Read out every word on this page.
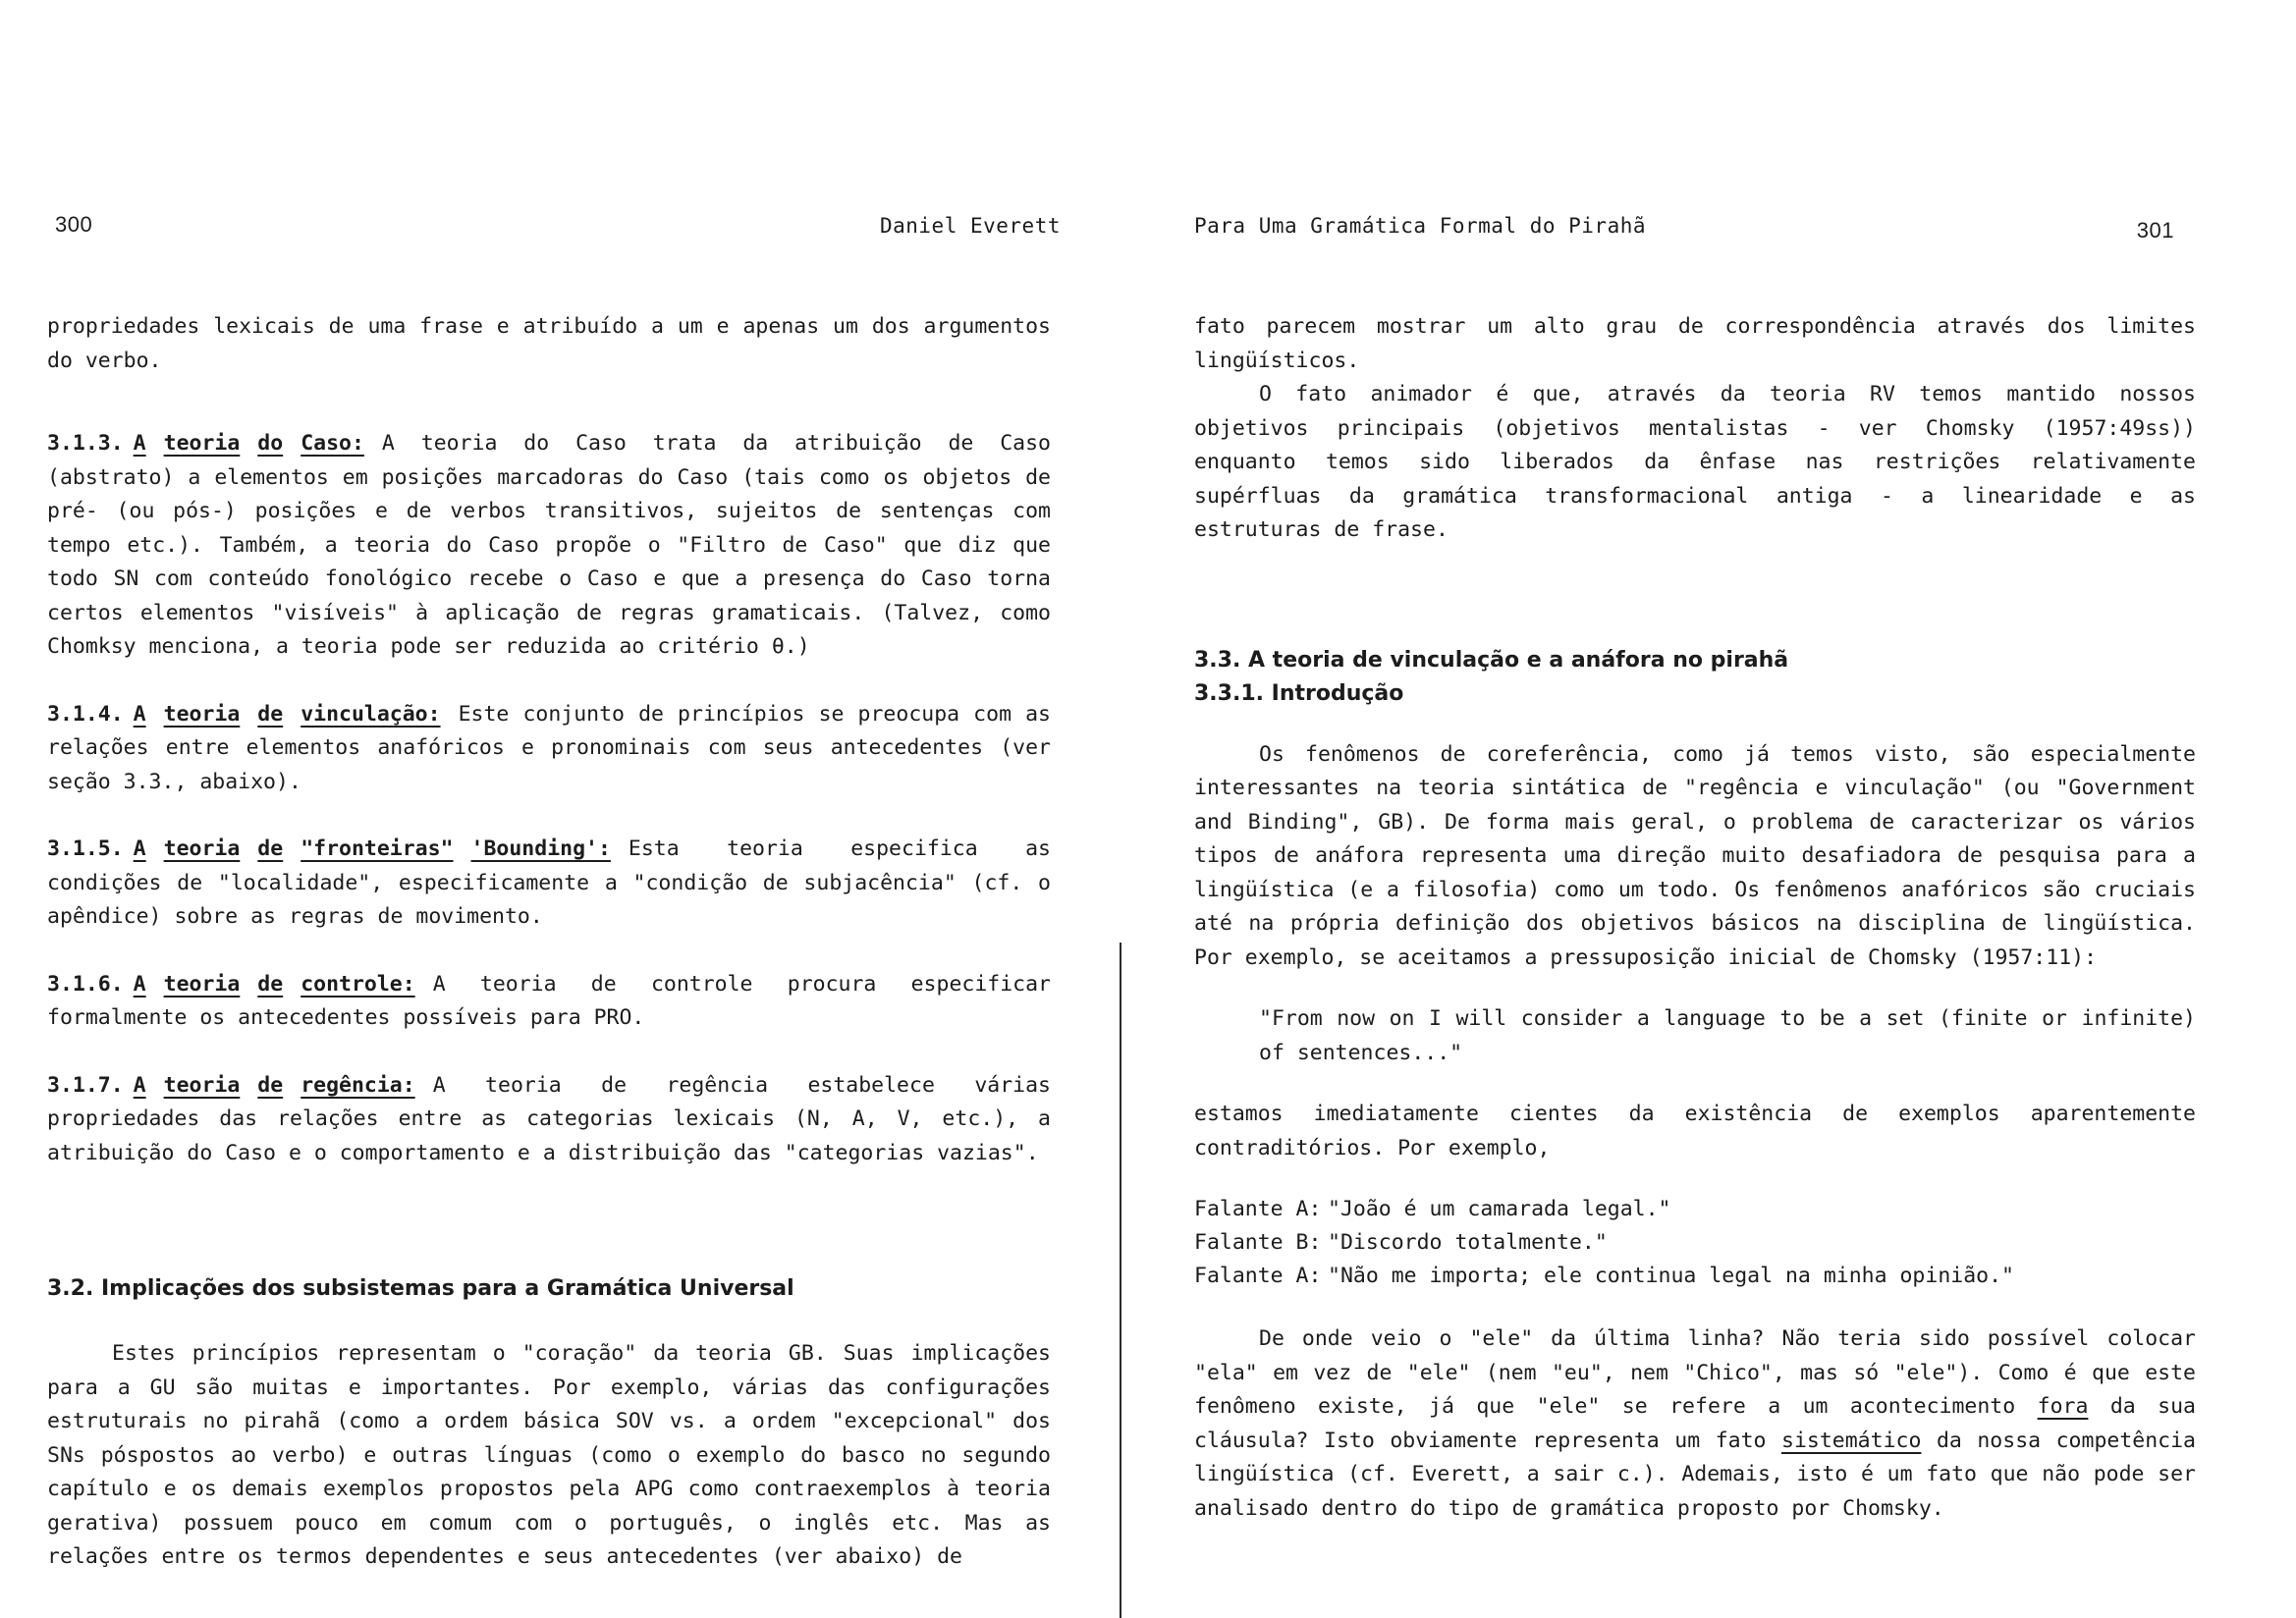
300	Daniel Everett

propriedades lexicais de uma frase e atribuído a um e apenas um dos argumentos do verbo.

3.1.3. A teoria do Caso: A teoria do Caso trata da atribuição de Caso (abstrato) a elementos em posições marcadoras do Caso (tais como os objetos de pré- (ou pós-) posições e de verbos transitivos, sujeitos de sentenças com tempo etc.). Também, a teoria do Caso propõe o "Filtro de Caso" que diz que todo SN com conteúdo fonológico recebe o Caso e que a presença do Caso torna certos elementos "visíveis" à aplicação de regras gramaticais. (Talvez, como Chomksy menciona, a teoria pode ser reduzida ao critério θ.)

3.1.4. A teoria de vinculação: Este conjunto de princípios se preocupa com as relações entre elementos anafóricos e pronominais com seus antecedentes (ver seção 3.3., abaixo).

3.1.5. A teoria de "fronteiras" 'Bounding': Esta teoria especifica as condições de "localidade", especificamente a "condição de subjacência" (cf. o apêndice) sobre as regras de movimento.

3.1.6. A teoria de controle: A teoria de controle procura especificar formalmente os antecedentes possíveis para PRO.

3.1.7. A teoria de regência: A teoria de regência estabelece várias propriedades das relações entre as categorias lexicais (N, A, V, etc.), a atribuição do Caso e o comportamento e a distribuição das "categorias vazias".

3.2. Implicações dos subsistemas para a Gramática Universal

Estes princípios representam o "coração" da teoria GB. Suas implicações para a GU são muitas e importantes. Por exemplo, várias das configurações estruturais no pirahã (como a ordem básica SOV vs. a ordem "excepcional" dos SNs póspostos ao verbo) e outras línguas (como o exemplo do basco no segundo capítulo e os demais exemplos propostos pela APG como contraexemplos à teoria gerativa) possuem pouco em comum com o português, o inglês etc. Mas as relações entre os termos dependentes e seus antecedentes (ver abaixo) de

Para Uma Gramática Formal do Pirahã	301

fato parecem mostrar um alto grau de correspondência através dos limites lingüísticos.

O fato animador é que, através da teoria RV temos mantido nossos objetivos principais (objetivos mentalistas - ver Chomsky (1957:49ss)) enquanto temos sido liberados da ênfase nas restrições relativamente supérfluas da gramática transformacional antiga - a linearidade e as estruturas de frase.

3.3. A teoria de vinculação e a anáfora no pirahã
3.3.1. Introdução

Os fenômenos de coreferência, como já temos visto, são especialmente interessantes na teoria sintática de "regência e vinculação" (ou "Government and Binding", GB). De forma mais geral, o problema de caracterizar os vários tipos de anáfora representa uma direção muito desafiadora de pesquisa para a lingüística (e a filosofia) como um todo. Os fenômenos anafóricos são cruciais até na própria definição dos objetivos básicos na disciplina de lingüística. Por exemplo, se aceitamos a pressuposição inicial de Chomsky (1957:11):

"From now on I will consider a language to be a set (finite or infinite) of sentences..."

estamos imediatamente cientes da existência de exemplos aparentemente contraditórios. Por exemplo,

Falante A: "João é um camarada legal."
Falante B: "Discordo totalmente."
Falante A: "Não me importa; ele continua legal na minha opinião."

De onde veio o "ele" da última linha? Não teria sido possível colocar "ela" em vez de "ele" (nem "eu", nem "Chico", mas só "ele"). Como é que este fenômeno existe, já que "ele" se refere a um acontecimento fora da sua cláusula? Isto obviamente representa um fato sistemático da nossa competência lingüística (cf. Everett, a sair c.). Ademais, isto é um fato que não pode ser analisado dentro do tipo de gramática proposto por Chomsky.
